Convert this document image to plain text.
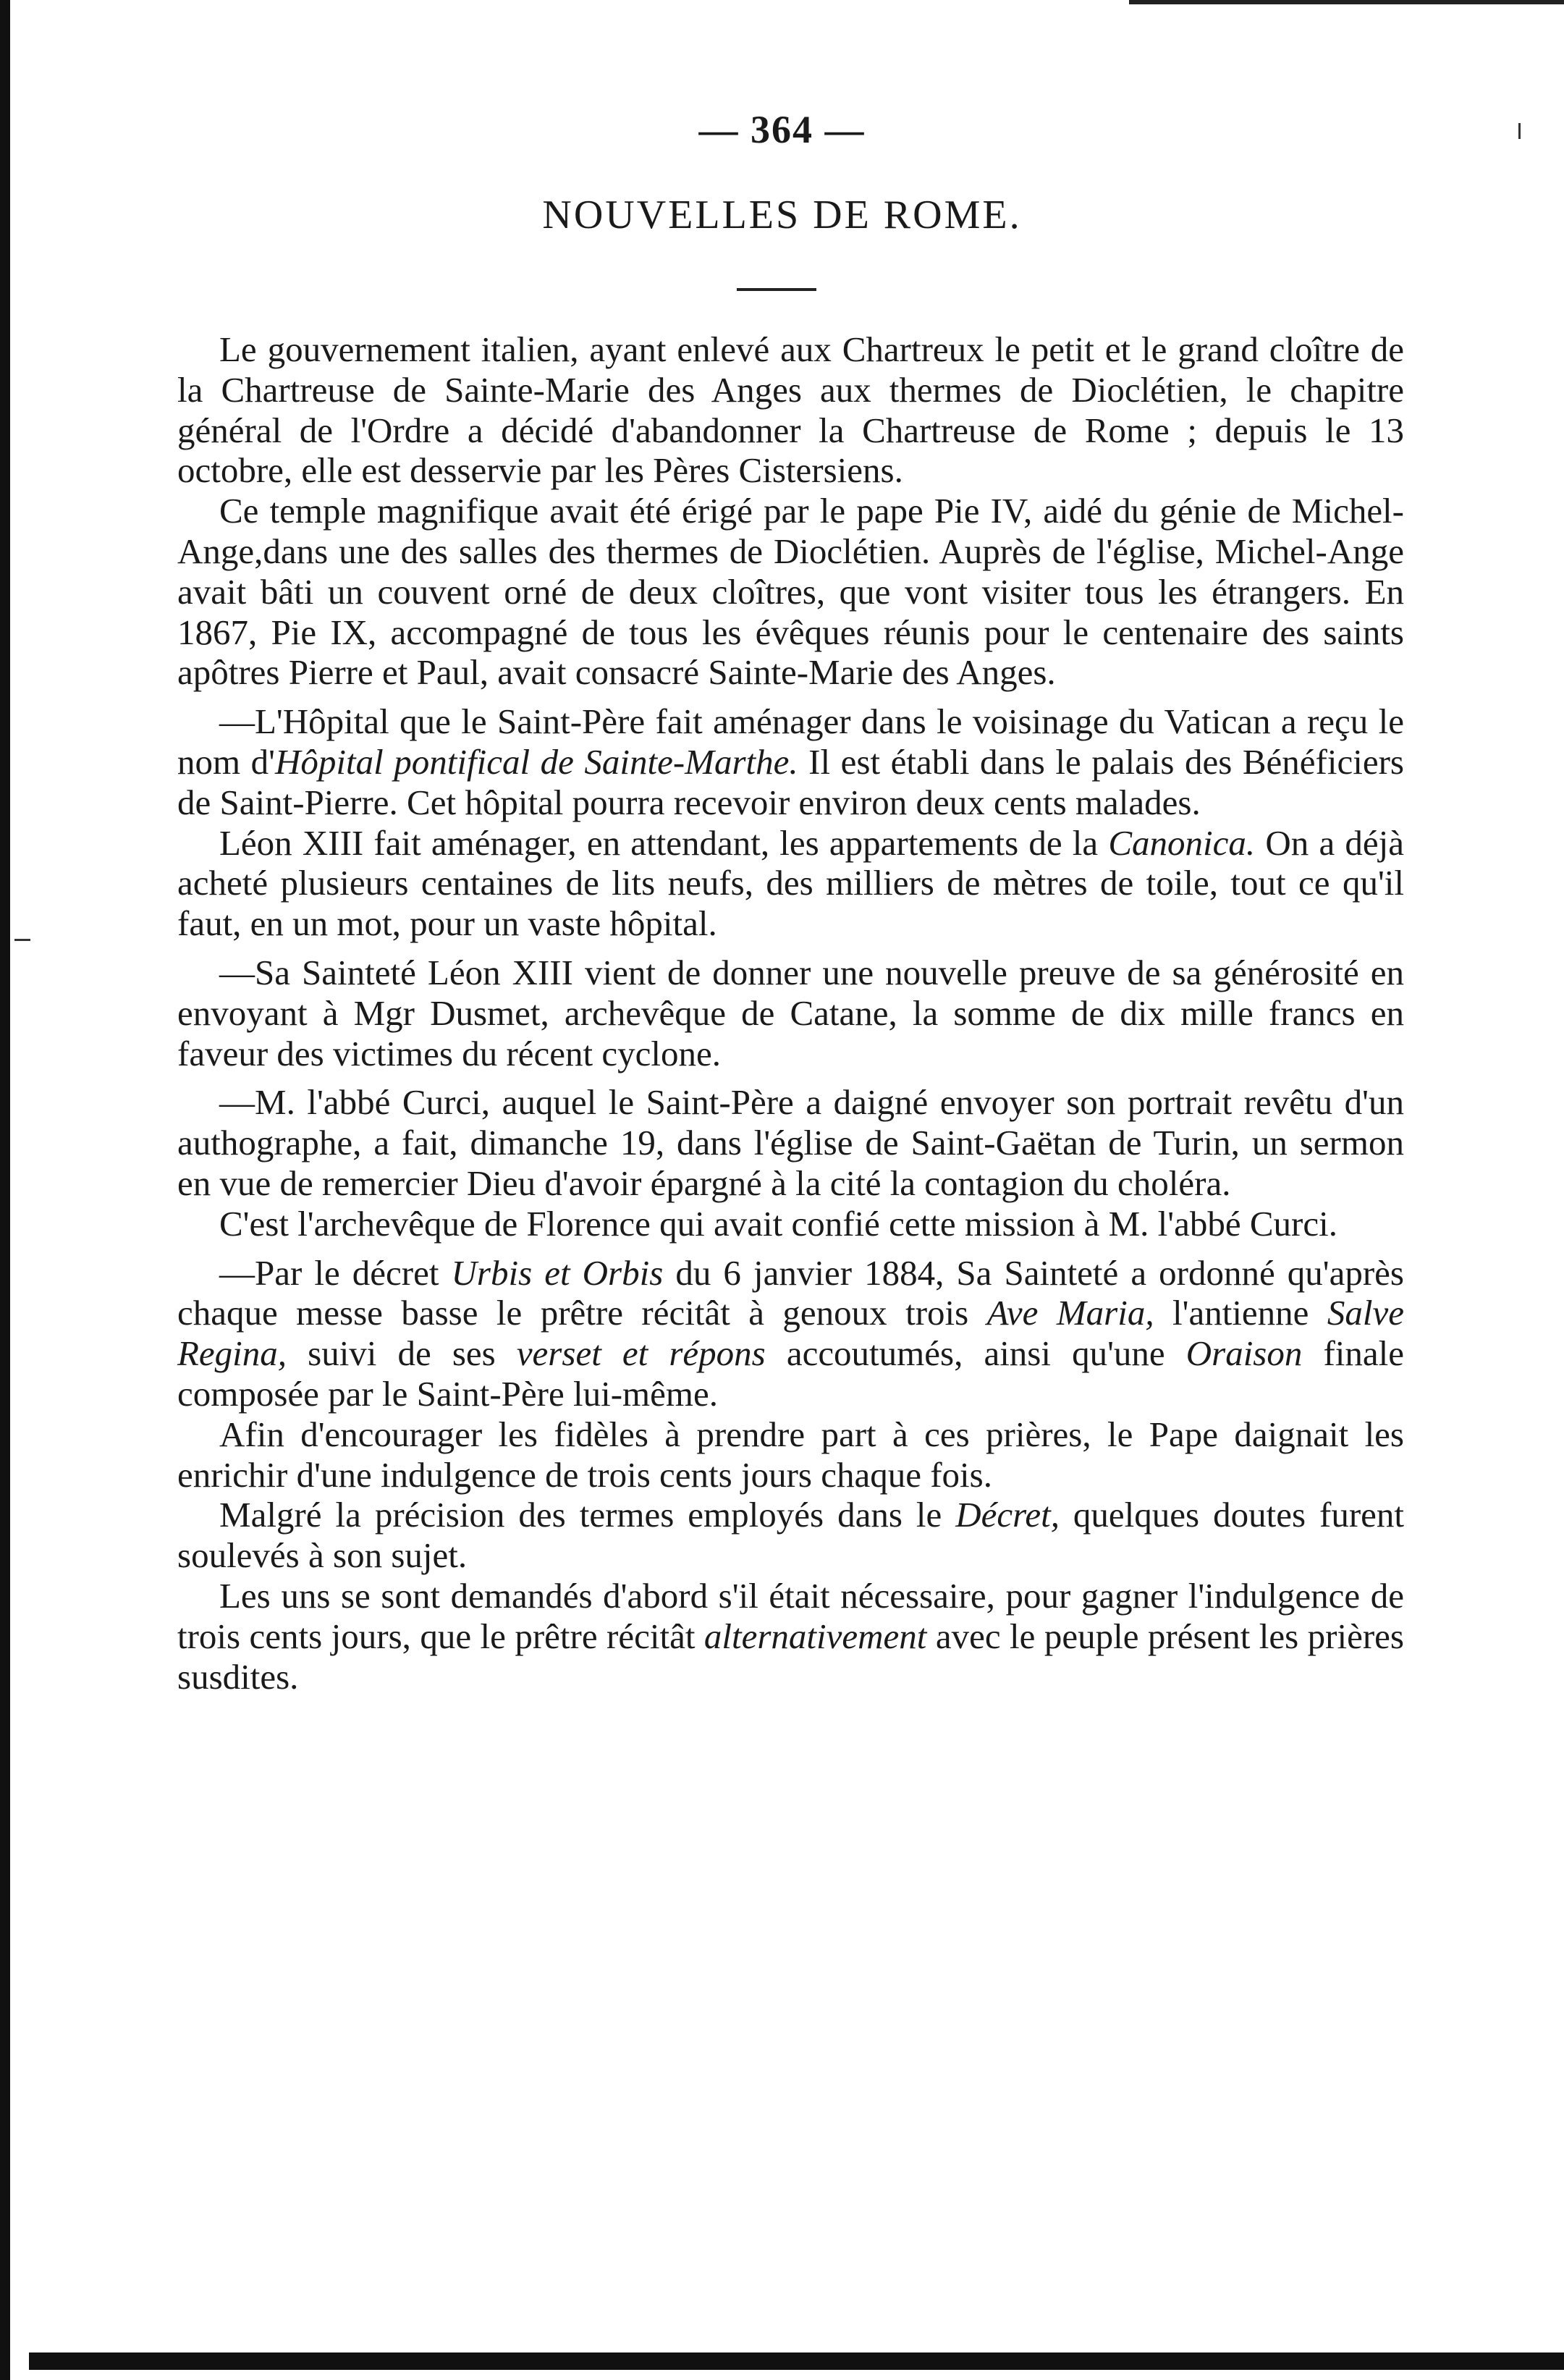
— 364 —
NOUVELLES DE ROME.

Le gouvernement italien, ayant enlevé aux Chartreux le petit et le grand cloître de la Chartreuse de Sainte-Marie des Anges aux thermes de Dioclétien, le chapitre général de l'Ordre a décidé d'abandonner la Chartreuse de Rome ; depuis le 13 octobre, elle est desservie par les Pères Cistersiens.

Ce temple magnifique avait été érigé par le pape Pie IV, aidé du génie de Michel-Ange,dans une des salles des thermes de Dioclétien. Auprès de l'église, Michel-Ange avait bâti un couvent orné de deux cloîtres, que vont visiter tous les étrangers. En 1867, Pie IX, accompagné de tous les évêques réunis pour le centenaire des saints apôtres Pierre et Paul, avait consacré Sainte-Marie des Anges.

—L'Hôpital que le Saint-Père fait aménager dans le voisinage du Vatican a reçu le nom d'Hôpital pontifical de Sainte-Marthe. Il est établi dans le palais des Bénéficiers de Saint-Pierre. Cet hôpital pourra recevoir environ deux cents malades.

Léon XIII fait aménager, en attendant, les appartements de la Canonica. On a déjà acheté plusieurs centaines de lits neufs, des milliers de mètres de toile, tout ce qu'il faut, en un mot, pour un vaste hôpital.

—Sa Sainteté Léon XIII vient de donner une nouvelle preuve de sa générosité en envoyant à Mgr Dusmet, archevêque de Catane, la somme de dix mille francs en faveur des victimes du récent cyclone.

—M. l'abbé Curci, auquel le Saint-Père a daigné envoyer son portrait revêtu d'un authographe, a fait, dimanche 19, dans l'église de Saint-Gaëtan de Turin, un sermon en vue de remercier Dieu d'avoir épargné à la cité la contagion du choléra.

C'est l'archevêque de Florence qui avait confié cette mission à M. l'abbé Curci.

—Par le décret Urbis et Orbis du 6 janvier 1884, Sa Sainteté a ordonné qu'après chaque messe basse le prêtre récitât à genoux trois Ave Maria, l'antienne Salve Regina, suivi de ses verset et répons accoutumés, ainsi qu'une Oraison finale composée par le Saint-Père lui-même.

Afin d'encourager les fidèles à prendre part à ces prières, le Pape daignait les enrichir d'une indulgence de trois cents jours chaque fois.

Malgré la précision des termes employés dans le Décret, quelques doutes furent soulevés à son sujet.

Les uns se sont demandés d'abord s'il était nécessaire, pour gagner l'indulgence de trois cents jours, que le prêtre récitât alternativement avec le peuple présent les prières susdites.
